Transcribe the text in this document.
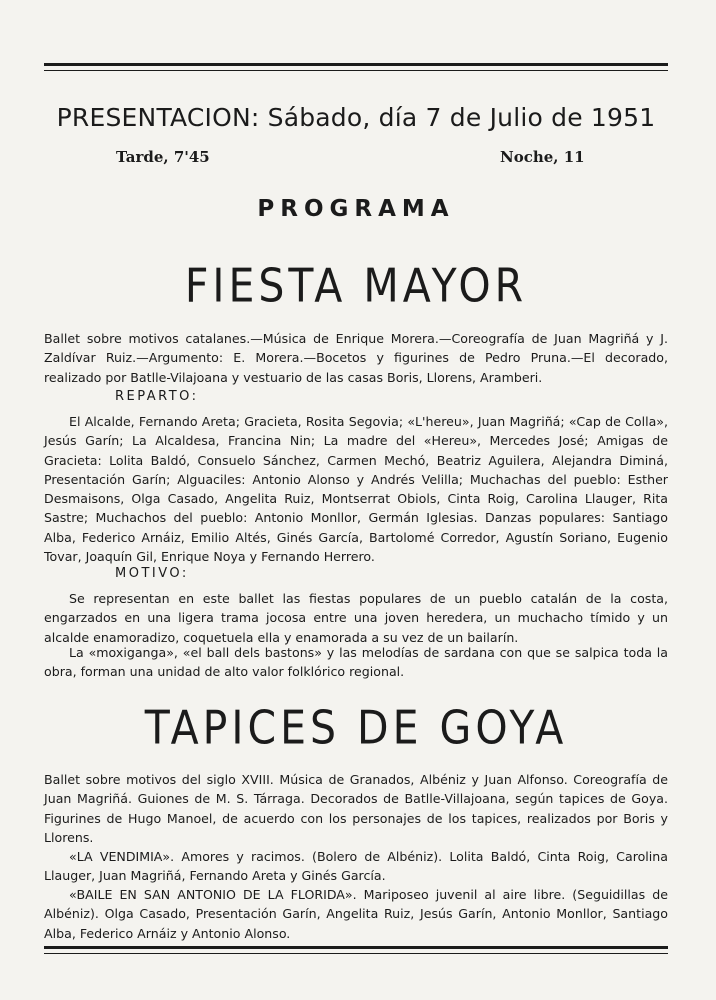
PRESENTACION: Sábado, día 7 de Julio de 1951
Tarde, 7'45	Noche, 11
PROGRAMA
FIESTA MAYOR

Ballet sobre motivos catalanes.—Música de Enrique Morera.—Coreografía de Juan Magriñá y J. Zaldívar Ruiz.—Argumento: E. Morera.—Bocetos y figurines de Pedro Pruna.—El decorado, realizado por Batlle-Vilajoana y vestuario de las casas Boris, Llorens, Aramberi.

REPARTO:

El Alcalde, Fernando Areta; Gracieta, Rosita Segovia; «L'hereu», Juan Magriñá; «Cap de Colla», Jesús Garín; La Alcaldesa, Francina Nin; La madre del «Hereu», Mercedes José; Amigas de Gracieta: Lolita Baldó, Consuelo Sánchez, Carmen Mechó, Beatriz Aguilera, Alejandra Diminá, Presentación Garín; Alguaciles: Antonio Alonso y Andrés Velilla; Muchachas del pueblo: Esther Desmaisons, Olga Casado, Angelita Ruiz, Montserrat Obiols, Cinta Roig, Carolina Llauger, Rita Sastre; Muchachos del pueblo: Antonio Monllor, Germán Iglesias. Danzas populares: Santiago Alba, Federico Arnáiz, Emilio Altés, Ginés García, Bartolomé Corredor, Agustín Soriano, Eugenio Tovar, Joaquín Gil, Enrique Noya y Fernando Herrero.

MOTIVO:

Se representan en este ballet las fiestas populares de un pueblo catalán de la costa, engarzados en una ligera trama jocosa entre una joven heredera, un muchacho tímido y un alcalde enamoradizo, coquetuela ella y enamorada a su vez de un bailarín.

La «moxiganga», «el ball dels bastons» y las melodías de sardana con que se salpica toda la obra, forman una unidad de alto valor folklórico regional.

TAPICES DE GOYA

Ballet sobre motivos del siglo XVIII. Música de Granados, Albéniz y Juan Alfonso. Coreografía de Juan Magriñá. Guiones de M. S. Tárraga. Decorados de Batlle-Villajoana, según tapices de Goya. Figurines de Hugo Manoel, de acuerdo con los personajes de los tapices, realizados por Boris y Llorens.

«LA VENDIMIA». Amores y racimos. (Bolero de Albéniz). Lolita Baldó, Cinta Roig, Carolina Llauger, Juan Magriñá, Fernando Areta y Ginés García.

«BAILE EN SAN ANTONIO DE LA FLORIDA». Mariposeo juvenil al aire libre. (Seguidillas de Albéniz). Olga Casado, Presentación Garín, Angelita Ruiz, Jesús Garín, Antonio Monllor, Santiago Alba, Federico Arnáiz y Antonio Alonso.
